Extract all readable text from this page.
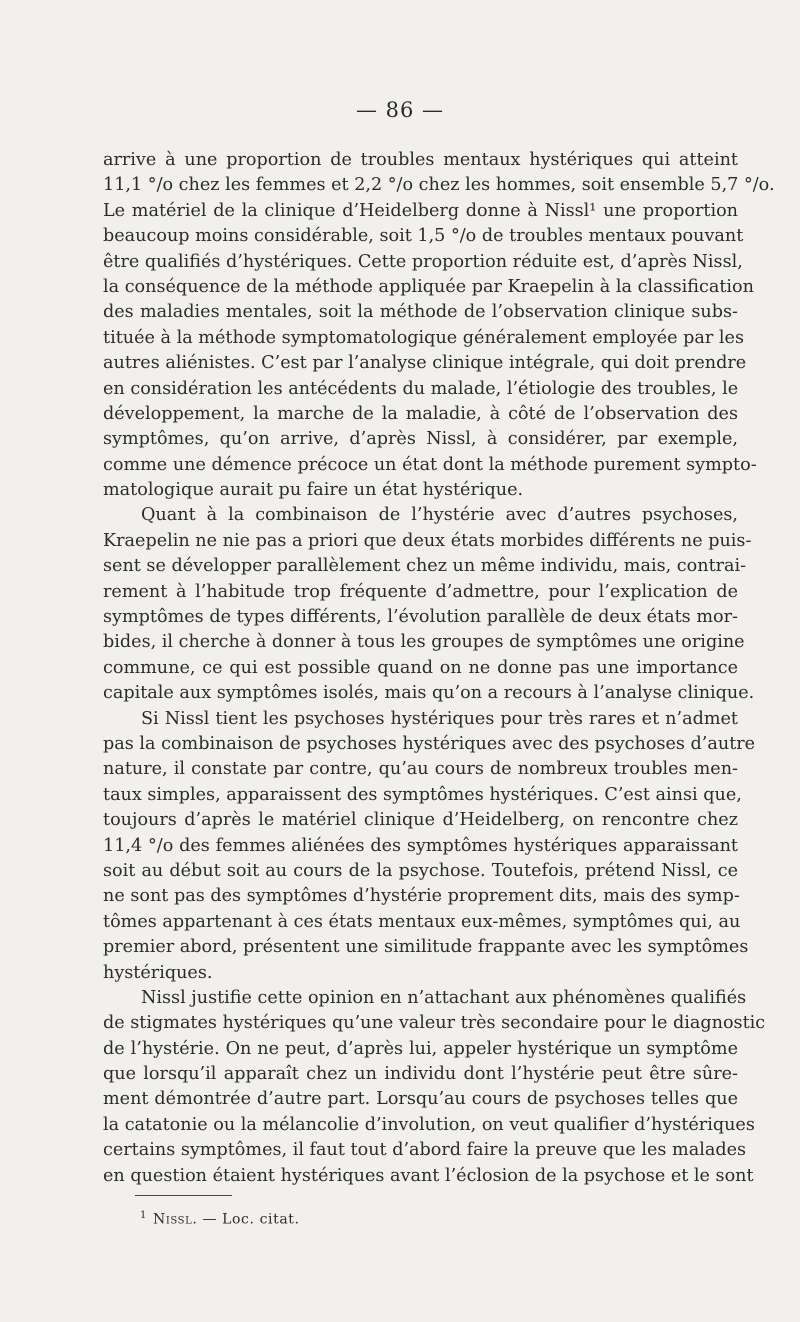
— 86 —
arrive à une proportion de troubles mentaux hystériques qui atteint
11,1 °/o chez les femmes et 2,2 °/o chez les hommes, soit ensemble 5,7 °/o.
Le matériel de la clinique d’Heidelberg donne à Nissl¹ une proportion
beaucoup moins considérable, soit 1,5 °/o de troubles mentaux pouvant
être qualifiés d’hystériques. Cette proportion réduite est, d’après Nissl,
la conséquence de la méthode appliquée par Kraepelin à la classification
des maladies mentales, soit la méthode de l’observation clinique subs-
tituée à la méthode symptomatologique généralement employée par les
autres aliénistes. C’est par l’analyse clinique intégrale, qui doit prendre
en considération les antécédents du malade, l’étiologie des troubles, le
développement, la marche de la maladie, à côté de l’observation des
symptômes, qu’on arrive, d’après Nissl, à considérer, par exemple,
comme une démence précoce un état dont la méthode purement sympto-
matologique aurait pu faire un état hystérique.
Quant à la combinaison de l’hystérie avec d’autres psychoses,
Kraepelin ne nie pas a priori que deux états morbides différents ne puis-
sent se développer parallèlement chez un même individu, mais, contrai-
rement à l’habitude trop fréquente d’admettre, pour l’explication de
symptômes de types différents, l’évolution parallèle de deux états mor-
bides, il cherche à donner à tous les groupes de symptômes une origine
commune, ce qui est possible quand on ne donne pas une importance
capitale aux symptômes isolés, mais qu’on a recours à l’analyse clinique.
Si Nissl tient les psychoses hystériques pour très rares et n’admet
pas la combinaison de psychoses hystériques avec des psychoses d’autre
nature, il constate par contre, qu’au cours de nombreux troubles men-
taux simples, apparaissent des symptômes hystériques. C’est ainsi que,
toujours d’après le matériel clinique d’Heidelberg, on rencontre chez
11,4 °/o des femmes aliénées des symptômes hystériques apparaissant
soit au début soit au cours de la psychose. Toutefois, prétend Nissl, ce
ne sont pas des symptômes d’hystérie proprement dits, mais des symp-
tômes appartenant à ces états mentaux eux-mêmes, symptômes qui, au
premier abord, présentent une similitude frappante avec les symptômes
hystériques.
Nissl justifie cette opinion en n’attachant aux phénomènes qualifiés
de stigmates hystériques qu’une valeur très secondaire pour le diagnostic
de l’hystérie. On ne peut, d’après lui, appeler hystérique un symptôme
que lorsqu’il apparaît chez un individu dont l’hystérie peut être sûre-
ment démontrée d’autre part. Lorsqu’au cours de psychoses telles que
la catatonie ou la mélancolie d’involution, on veut qualifier d’hystériques
certains symptômes, il faut tout d’abord faire la preuve que les malades
en question étaient hystériques avant l’éclosion de la psychose et le sont
$^1$ Nissl. — Loc. citat.
